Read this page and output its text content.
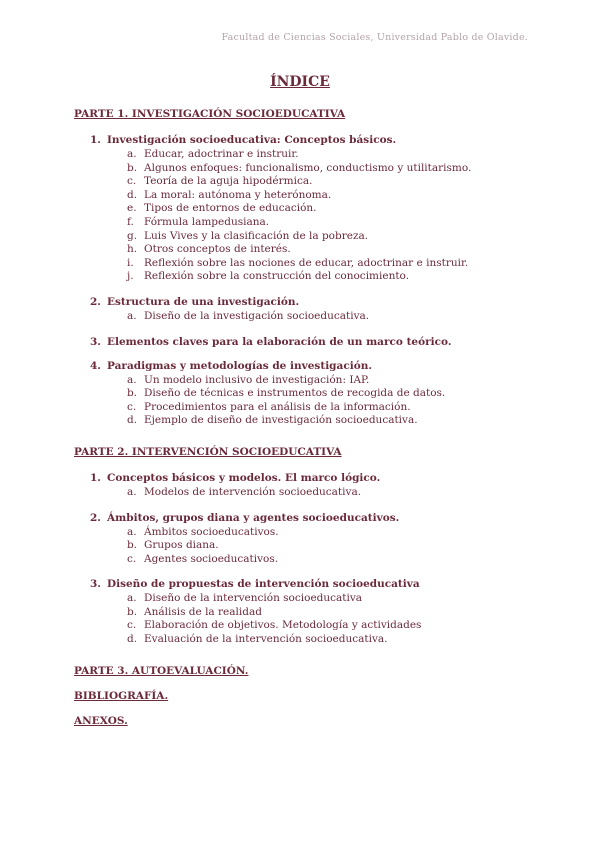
Facultad de Ciencias Sociales, Universidad Pablo de Olavide.
ÍNDICE
PARTE 1. INVESTIGACIÓN SOCIOEDUCATIVA
1. Investigación socioeducativa: Conceptos básicos.
a. Educar, adoctrinar e instruir.
b. Algunos enfoques: funcionalismo, conductismo y utilitarismo.
c. Teoría de la aguja hipodérmica.
d. La moral: autónoma y heterónoma.
e. Tipos de entornos de educación.
f. Fórmula lampedusiana.
g. Luis Vives y la clasificación de la pobreza.
h. Otros conceptos de interés.
i. Reflexión sobre las nociones de educar, adoctrinar e instruir.
j. Reflexión sobre la construcción del conocimiento.
2. Estructura de una investigación.
a. Diseño de la investigación socioeducativa.
3. Elementos claves para la elaboración de un marco teórico.
4. Paradigmas y metodologías de investigación.
a. Un modelo inclusivo de investigación: IAP.
b. Diseño de técnicas e instrumentos de recogida de datos.
c. Procedimientos para el análisis de la información.
d. Ejemplo de diseño de investigación socioeducativa.
PARTE 2. INTERVENCIÓN SOCIOEDUCATIVA
1. Conceptos básicos y modelos. El marco lógico.
a. Modelos de intervención socioeducativa.
2. Ámbitos, grupos diana y agentes socioeducativos.
a. Ámbitos socioeducativos.
b. Grupos diana.
c. Agentes socioeducativos.
3. Diseño de propuestas de intervención socioeducativa
a. Diseño de la intervención socioeducativa
b. Análisis de la realidad
c. Elaboración de objetivos. Metodología y actividades
d. Evaluación de la intervención socioeducativa.
PARTE 3. AUTOEVALUACIÓN.
BIBLIOGRAFÍA.
ANEXOS.
